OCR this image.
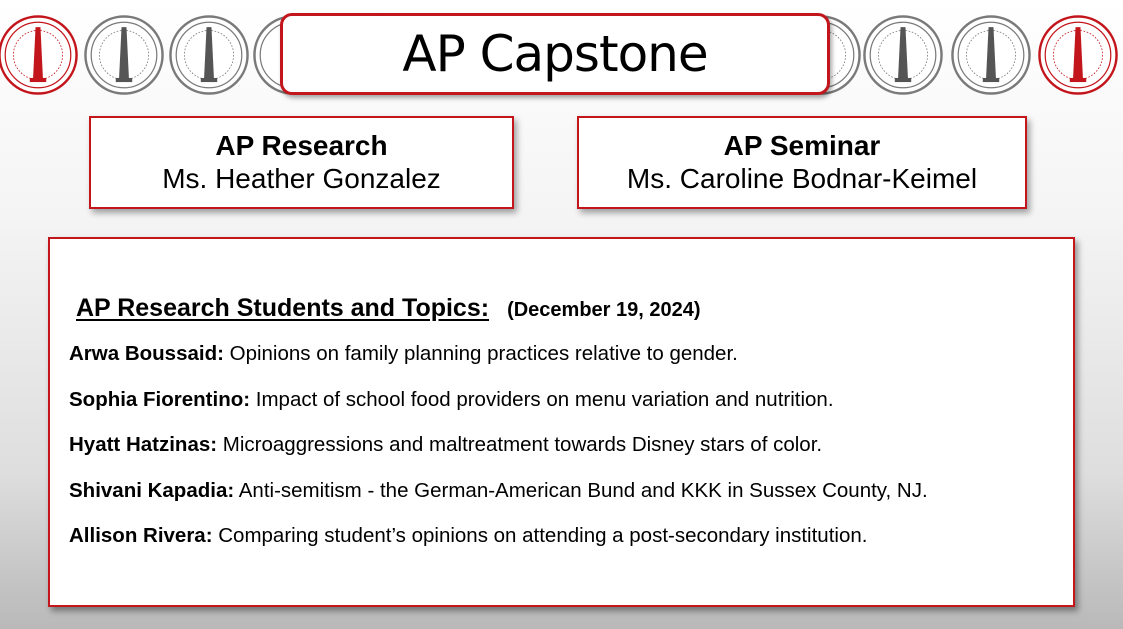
AP Capstone
AP Research
Ms. Heather Gonzalez
AP Seminar
Ms. Caroline Bodnar-Keimel
AP Research Students and Topics: (December 19, 2024)
Arwa Boussaid: Opinions on family planning practices relative to gender.
Sophia Fiorentino: Impact of school food providers on menu variation and nutrition.
Hyatt Hatzinas: Microaggressions and maltreatment towards Disney stars of color.
Shivani Kapadia: Anti-semitism - the German-American Bund and KKK in Sussex County, NJ.
Allison Rivera: Comparing student’s opinions on attending a post-secondary institution.
